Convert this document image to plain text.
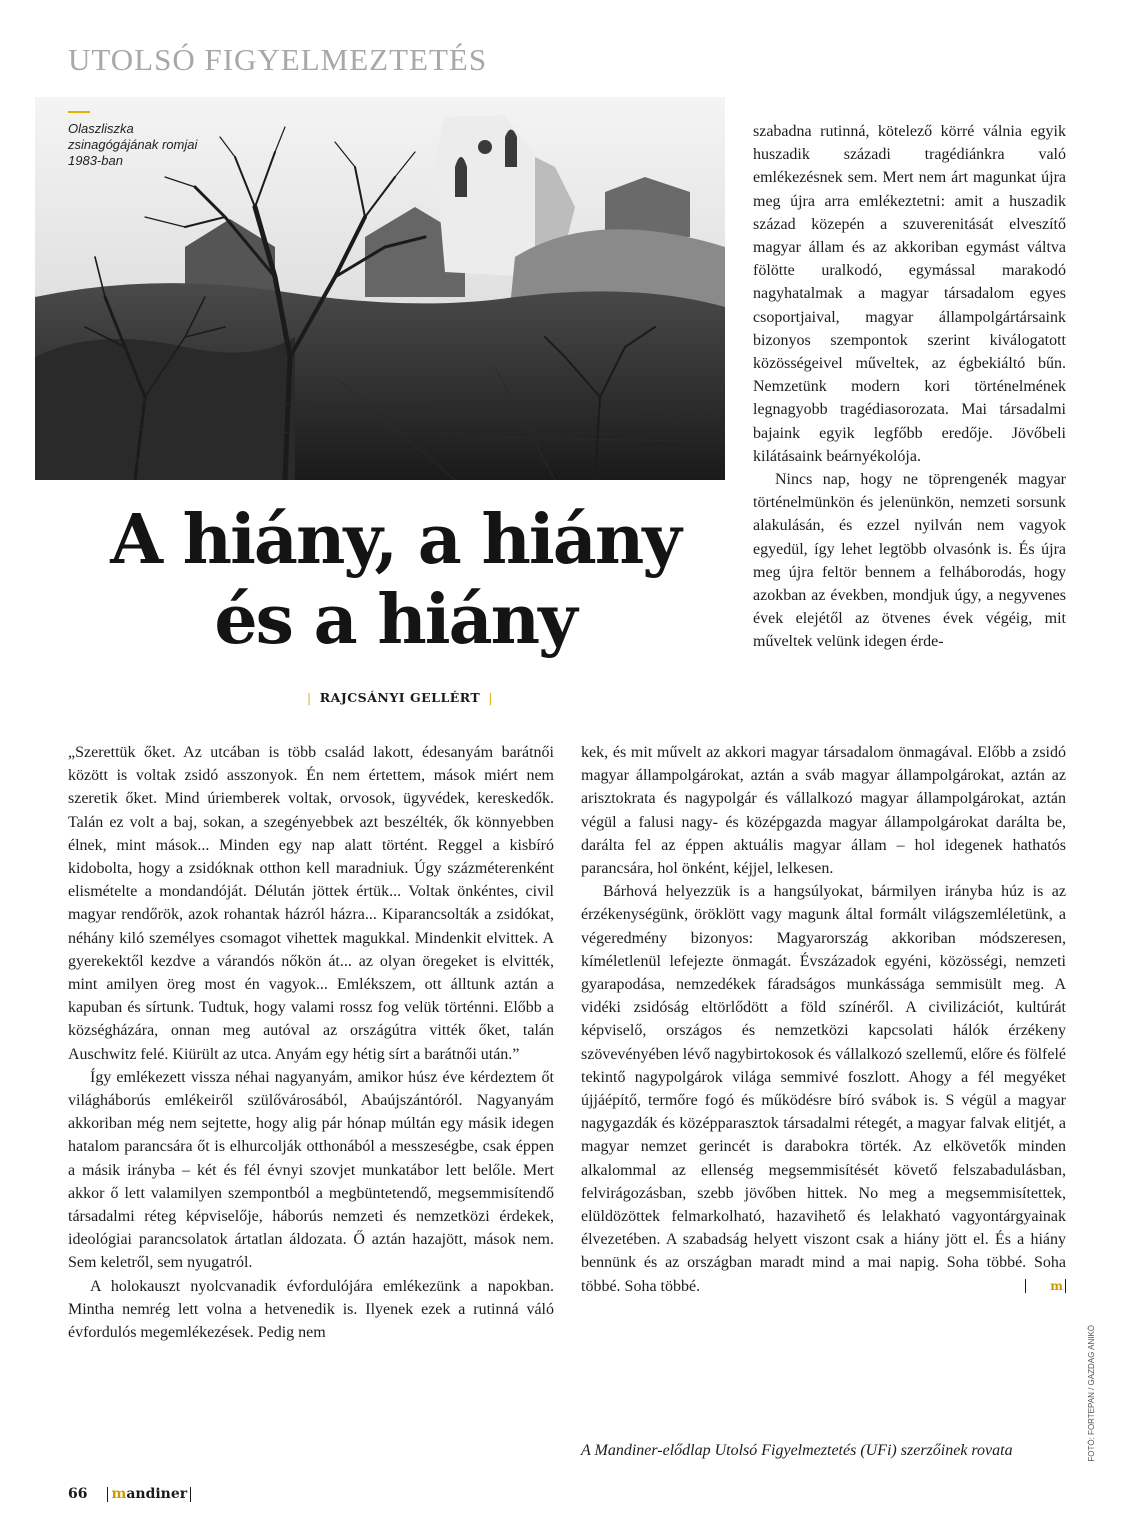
UTOLSÓ FIGYELMEZTETÉS

Olaszliszka zsinagógájának romjai 1983-ban

A hiány, a hiány
és a hiány
| RAJCSÁNYI GELLÉRT |

szabadna rutinná, kötelező körré válnia egyik huszadik századi tragédiánkra való emlékezésnek sem. Mert nem árt magunkat újra meg újra arra emlékeztetni: amit a huszadik század közepén a szuverenitását elveszítő magyar állam és az akkoriban egymást váltva fölötte uralkodó, egymással marakodó nagyhatalmak a magyar társadalom egyes csoportjaival, magyar állampolgártársaink bizonyos szempontok szerint kiválogatott közösségeivel műveltek, az égbekiáltó bűn. Nemzetünk modern kori történelmének legnagyobb tragédiasorozata. Mai társadalmi bajaink egyik legfőbb eredője. Jövőbeli kilátásaink beárnyékolója.

Nincs nap, hogy ne töprengenék magyar történelmünkön és jelenünkön, nemzeti sorsunk alakulásán, és ezzel nyilván nem vagyok egyedül, így lehet legtöbb olvasónk is. És újra meg újra feltör bennem a felháborodás, hogy azokban az években, mondjuk úgy, a negyvenes évek elejétől az ötvenes évek végéig, mit műveltek velünk idegen érde-

„Szerettük őket. Az utcában is több család lakott, édesanyám barátnői között is voltak zsidó asszonyok. Én nem értettem, mások miért nem szeretik őket. Mind úriemberek voltak, orvosok, ügyvédek, kereskedők. Talán ez volt a baj, sokan, a szegényebbek azt beszélték, ők könnyebben élnek, mint mások... Minden egy nap alatt történt. Reggel a kisbíró kidobolta, hogy a zsidóknak otthon kell maradniuk. Úgy százméterenként elismételte a mondandóját. Délután jöttek értük... Voltak önkéntes, civil magyar rendőrök, azok rohantak házról házra... Kiparancsolták a zsidókat, néhány kiló személyes csomagot vihettek magukkal. Mindenkit elvittek. A gyerekektől kezdve a várandós nőkön át... az olyan öregeket is elvitték, mint amilyen öreg most én vagyok... Emlékszem, ott álltunk aztán a kapuban és sírtunk. Tudtuk, hogy valami rossz fog velük történni. Előbb a községházára, onnan meg autóval az országútra vitték őket, talán Auschwitz felé. Kiürült az utca. Anyám egy hétig sírt a barátnői után.”

Így emlékezett vissza néhai nagyanyám, amikor húsz éve kérdeztem őt világháborús emlékeiről szülővárosából, Abaújszántóról. Nagyanyám akkoriban még nem sejtette, hogy alig pár hónap múltán egy másik idegen hatalom parancsára őt is elhurcolják otthonából a messzeségbe, csak éppen a másik irányba – két és fél évnyi szovjet munkatábor lett belőle. Mert akkor ő lett valamilyen szempontból a megbüntetendő, megsemmisítendő társadalmi réteg képviselője, háborús nemzeti és nemzetközi érdekek, ideológiai parancsolatok ártatlan áldozata. Ő aztán hazajött, mások nem. Sem keletről, sem nyugatról.

A holokauszt nyolcvanadik évfordulójára emlékezünk a napokban. Mintha nemrég lett volna a hetvenedik is. Ilyenek ezek a rutinná váló évfordulós megemlékezések. Pedig nem

kek, és mit művelt az akkori magyar társadalom önmagával. Előbb a zsidó magyar állampolgárokat, aztán a sváb magyar állampolgárokat, aztán az arisztokrata és nagypolgár és vállalkozó magyar állampolgárokat, aztán végül a falusi nagy- és középgazda magyar állampolgárokat darálta be, darálta fel az éppen aktuális magyar állam – hol idegenek hathatós parancsára, hol önként, kéjjel, lelkesen.

Bárhová helyezzük is a hangsúlyokat, bármilyen irányba húz is az érzékenységünk, öröklött vagy magunk által formált világszemléletünk, a végeredmény bizonyos: Magyarország akkoriban módszeresen, kíméletlenül lefejezte önmagát. Évszázadok egyéni, közösségi, nemzeti gyarapodása, nemzedékek fáradságos munkássága semmisült meg. A vidéki zsidóság eltörlődött a föld színéről. A civilizációt, kultúrát képviselő, országos és nemzetközi kapcsolati hálók érzékeny szövevényében lévő nagybirtokosok és vállalkozó szellemű, előre és fölfelé tekintő nagypolgárok világa semmivé foszlott. Ahogy a fél megyéket újjáépítő, termőre fogó és működésre bíró svábok is. S végül a magyar nagygazdák és középparasztok társadalmi rétegét, a magyar falvak elitjét, a magyar nemzet gerincét is darabokra törték. Az elkövetők minden alkalommal az ellenség megsemmisítését követő felszabadulásban, felvirágozásban, szebb jövőben hittek. No meg a megsemmisítettek, elüldözöttek felmarkolható, hazavihető és lelakható vagyontárgyainak élvezetében. A szabadság helyett viszont csak a hiány jött el. És a hiány bennünk és az országban maradt mind a mai napig. Soha többé. Soha többé. Soha többé.	m

A Mandiner-elődlap Utolsó Figyelmeztetés (UFi) szerzőinek rovata	FOTÓ: FORTEPAN / GAZDAG ANIKÓ
66 mandiner
